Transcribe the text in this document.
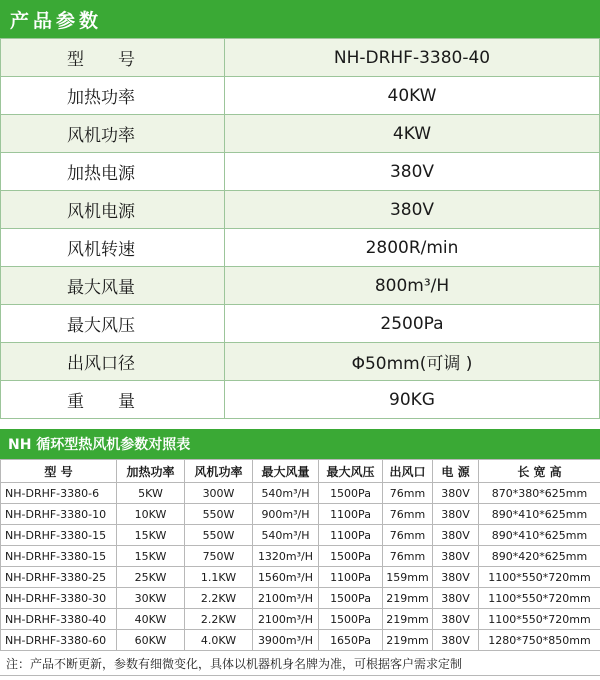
产品参数
型　　号	NH-DRHF-3380-40
加热功率	40KW
风机功率	4KW
加热电源	380V
风机电源	380V
风机转速	2800R/min
最大风量	800m³/H
最大风压	2500Pa
出风口径	Φ50mm(可调 )
重　　量	90KG
NH 循环型热风机参数对照表
型 号	加热功率	风机功率	最大风量	最大风压	出风口	电 源	长 宽 高
NH-DRHF-3380-6	5KW	300W	540m³/H	1500Pa	76mm	380V	870*380*625mm
NH-DRHF-3380-10	10KW	550W	900m³/H	1100Pa	76mm	380V	890*410*625mm
NH-DRHF-3380-15	15KW	550W	540m³/H	1100Pa	76mm	380V	890*410*625mm
NH-DRHF-3380-15	15KW	750W	1320m³/H	1500Pa	76mm	380V	890*420*625mm
NH-DRHF-3380-25	25KW	1.1KW	1560m³/H	1100Pa	159mm	380V	1100*550*720mm
NH-DRHF-3380-30	30KW	2.2KW	2100m³/H	1500Pa	219mm	380V	1100*550*720mm
NH-DRHF-3380-40	40KW	2.2KW	2100m³/H	1500Pa	219mm	380V	1100*550*720mm
NH-DRHF-3380-60	60KW	4.0KW	3900m³/H	1650Pa	219mm	380V	1280*750*850mm
注：产品不断更新，参数有细微变化，具体以机器机身名牌为准，可根据客户需求定制
